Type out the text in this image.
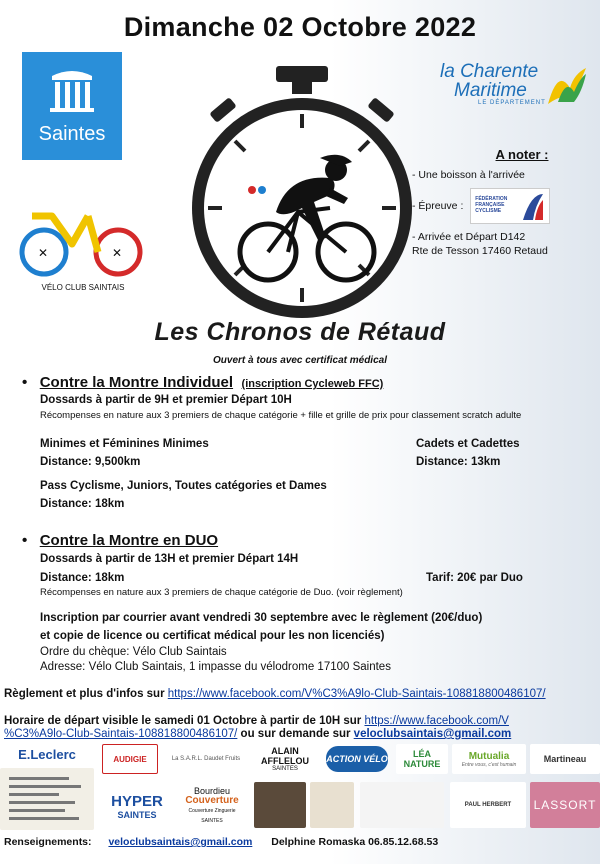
Dimanche 02 Octobre 2022
Saintes
la Charente
Maritime
LE DÉPARTEMENT
✕	✕
VÉLO CLUB SAINTAIS
A noter :
- Une boisson à l'arrivée
- Épreuve :
FÉDÉRATION
FRANÇAISE
CYCLISME
- Arrivée et Départ D142
Rte de Tesson 17460 Retaud
Les Chronos de Rétaud
Ouvert à tous avec certificat médical
• Contre la Montre Individuel (inscription Cycleweb FFC)
Dossards à partir de 9H et premier Départ 10H
Récompenses en nature aux 3 premiers de chaque catégorie + fille et grille de prix pour classement scratch adulte
Minimes et Féminines Minimes
Distance: 9,500km
Cadets et Cadettes
Distance: 13km
Pass Cyclisme, Juniors, Toutes catégories et Dames
Distance: 18km
• Contre la Montre en DUO
Dossards à partir de 13H et premier Départ 14H
Distance: 18km	Tarif: 20€ par Duo
Récompenses en nature aux 3 premiers de chaque catégorie de Duo. (voir règlement)
Inscription par courrier avant vendredi 30 septembre avec le règlement (20€/duo)
et copie de licence ou certificat médical pour les non licenciés)
Ordre du chèque: Vélo Club Saintais
Adresse: Vélo Club Saintais, 1 impasse du vélodrome 17100 Saintes
Règlement et plus d'infos sur https://www.facebook.com/V%C3%A9lo-Club-Saintais-108818800486107/
Horaire de départ visible le samedi 01 Octobre à partir de 10H sur https://www.facebook.com/V
%C3%A9lo-Club-Saintais-108818800486107/ ou sur demande sur veloclubsaintais@gmail.com
E.Leclerc	AUDIGIE	La S.A.R.L. Daudet Fruits
ALAIN AFFLELOU
SAINTES
ACTION VÉLO	LÉA NATURE
Mutualia
Entre vous, c'est humain
Martineau
HYPER
SAINTES
Bourdieu
Couverture
Couverture Zinguerie
SAINTES
PAUL HERBERT	LASSORT
Renseignements: veloclubsaintais@gmail.com Delphine Romaska 06.85.12.68.53
